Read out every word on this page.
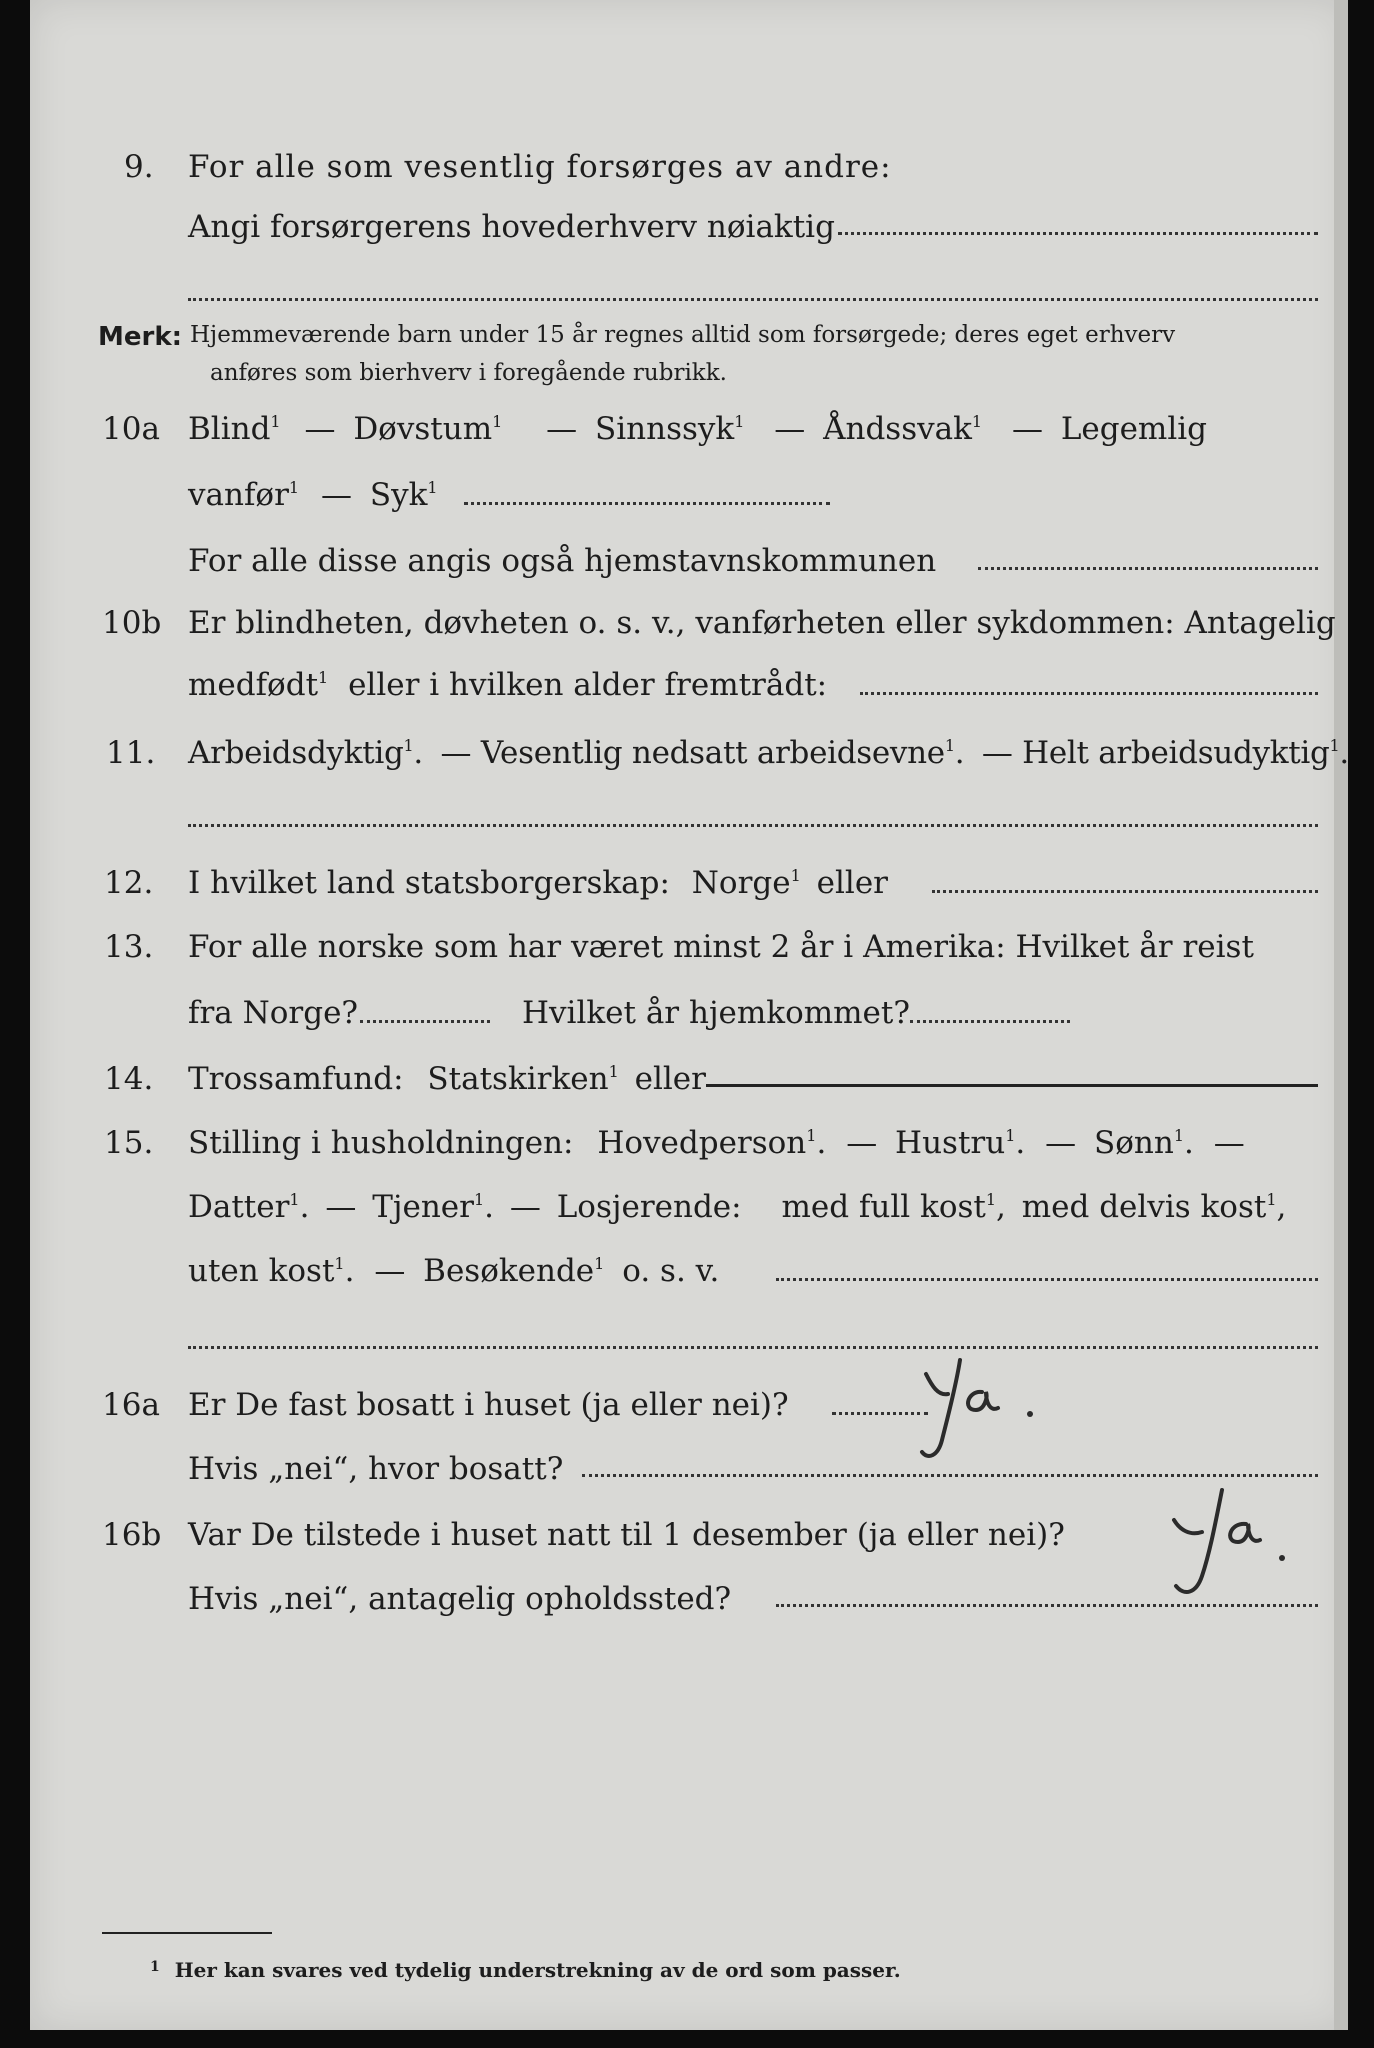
9. For alle som vesentlig forsørges av andre:
Angi forsørgerens hovederhverv nøiaktig
Merk: Hjemmeværende barn under 15 år regnes alltid som forsørgede; deres eget erhverv
anføres som bierhverv i foregående rubrikk.
10a Blind$^1$ — Døvstum$^1$ — Sinnssyk$^1$ — Åndssvak$^1$ — Legemlig
vanfør$^1$ — Syk$^1$
For alle disse angis også hjemstavnskommunen
10b Er blindheten, døvheten o. s. v., vanførheten eller sykdommen: Antagelig
medfødt$^1$ eller i hvilken alder fremtrådt:
11. Arbeidsdyktig$^1$. — Vesentlig nedsatt arbeidsevne$^1$. — Helt arbeidsudyktig$^1$.
12. I hvilket land statsborgerskap: Norge$^1$ eller
13. For alle norske som har været minst 2 år i Amerika: Hvilket år reist
fra Norge?	Hvilket år hjemkommet?
14. Trossamfund: Statskirken$^1$ eller
15. Stilling i husholdningen: Hovedperson$^1$. — Hustru$^1$. — Sønn$^1$. —
Datter$^1$. — Tjener$^1$. — Losjerende: med full kost$^1$, med delvis kost$^1$,
uten kost$^1$. — Besøkende$^1$ o. s. v.
16a Er De fast bosatt i huset (ja eller nei)?
Hvis „nei“, hvor bosatt?
16b Var De tilstede i huset natt til 1 desember (ja eller nei)?
Hvis „nei“, antagelig opholdssted?
$^1$ Her kan svares ved tydelig understrekning av de ord som passer.
